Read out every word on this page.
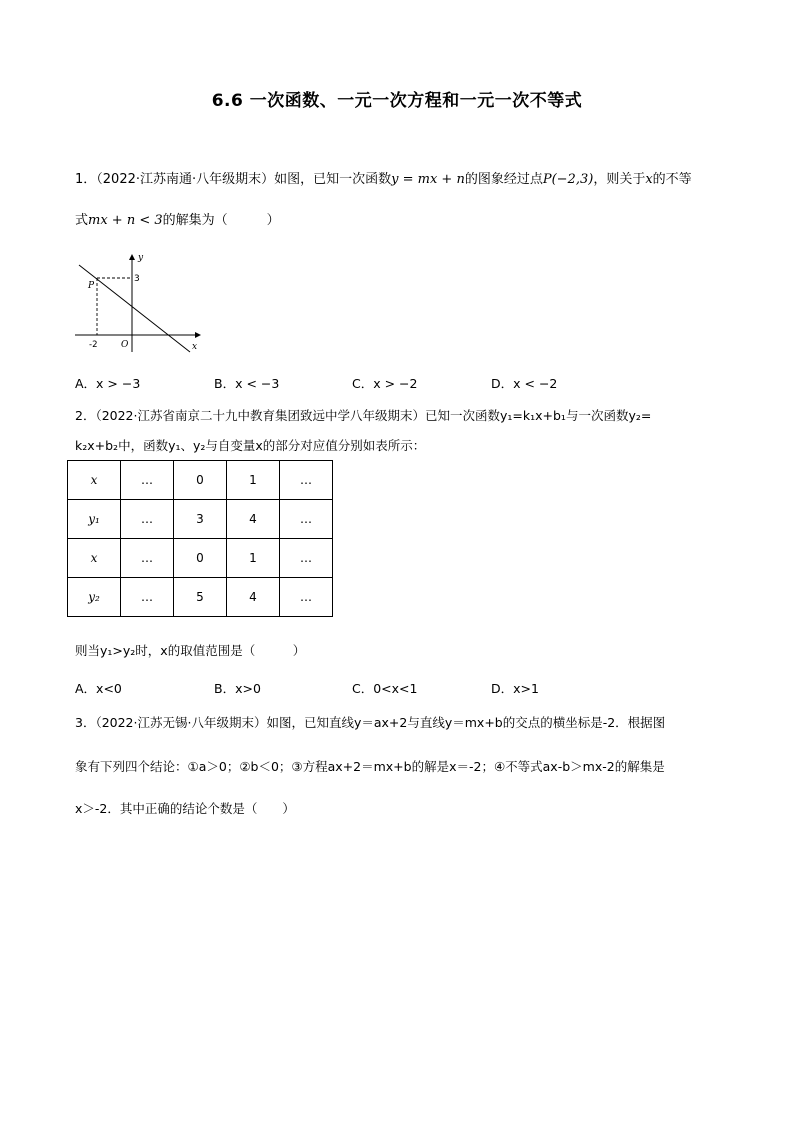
6.6 一次函数、一元一次方程和一元一次不等式
1．（2022·江苏南通·八年级期末）如图，已知一次函数y = mx + n的图象经过点P(−2,3)，则关于x的不等
式mx + n < 3的解集为（　　　）
y
x
3
P
-2	O
A．x > −3	B．x < −3	C．x > −2	D．x < −2
2．（2022·江苏省南京二十九中教育集团致远中学八年级期末）已知一次函数y₁=k₁x+b₁与一次函数y₂=
k₂x+b₂中，函数y₁、y₂与自变量x的部分对应值分别如表所示：
x	…	0	1	…
y₁	…	3	4	…
x	…	0	1	…
y₂	…	5	4	…
则当y₁>y₂时，x的取值范围是（　　　）
A．x<0	B．x>0	C．0<x<1	D．x>1
3．（2022·江苏无锡·八年级期末）如图，已知直线y＝ax+2与直线y＝mx+b的交点的横坐标是-2．根据图
象有下列四个结论：①a＞0；②b＜0；③方程ax+2＝mx+b的解是x＝-2；④不等式ax-b＞mx-2的解集是
x＞-2．其中正确的结论个数是（　　）
